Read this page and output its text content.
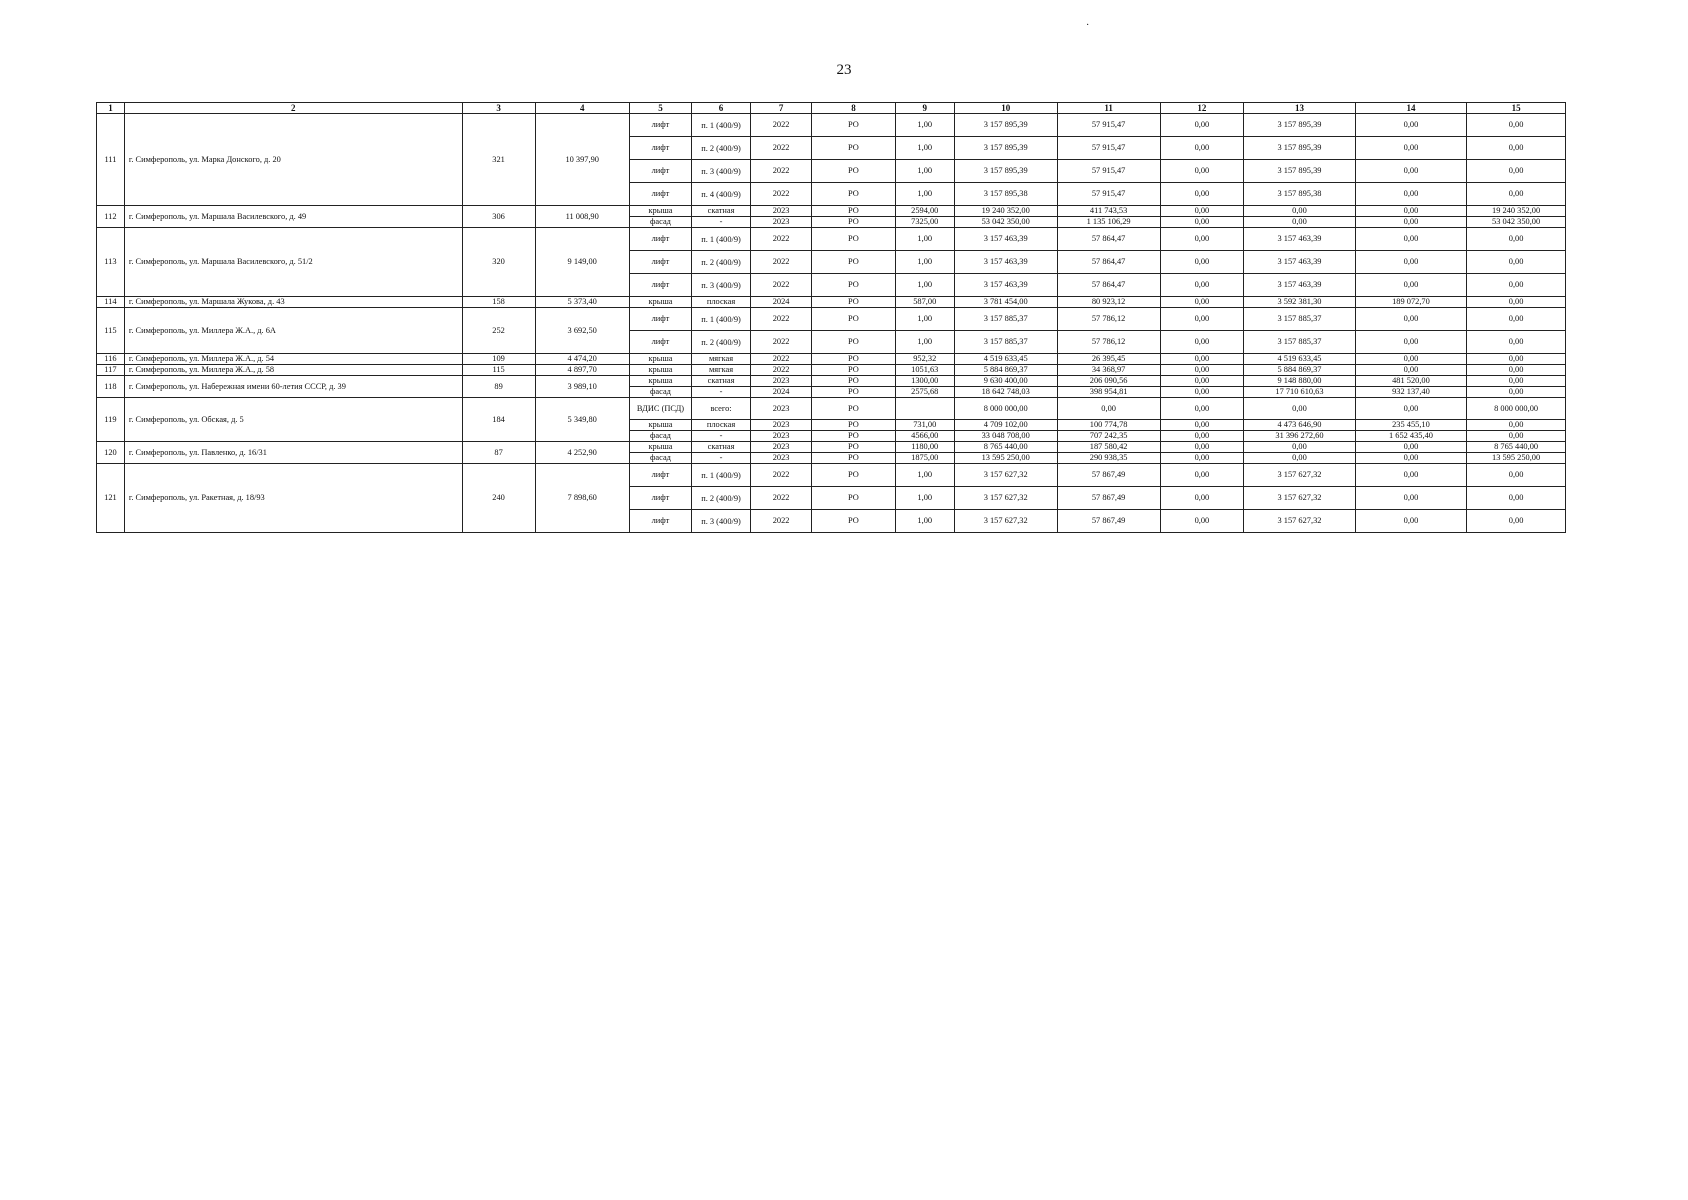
23
·
1	2	3	4	5	6	7	8	9	10	11	12	13	14	15
111	г. Симферополь, ул. Марка Донского, д. 20	321	10 397,90	лифт	п. 1 (400/9)	2022	РО	1,00	3 157 895,39	57 915,47	0,00	3 157 895,39	0,00	0,00
				лифт	п. 2 (400/9)	2022	РО	1,00	3 157 895,39	57 915,47	0,00	3 157 895,39	0,00	0,00
				лифт	п. 3 (400/9)	2022	РО	1,00	3 157 895,39	57 915,47	0,00	3 157 895,39	0,00	0,00
				лифт	п. 4 (400/9)	2022	РО	1,00	3 157 895,38	57 915,47	0,00	3 157 895,38	0,00	0,00
112	г. Симферополь, ул. Маршала Василевского, д. 49	306	11 008,90	крыша	скатная	2023	РО	2594,00	19 240 352,00	411 743,53	0,00	0,00	0,00	19 240 352,00
				фасад	-	2023	РО	7325,00	53 042 350,00	1 135 106,29	0,00	0,00	0,00	53 042 350,00
113	г. Симферополь, ул. Маршала Василевского, д. 51/2	320	9 149,00	лифт	п. 1 (400/9)	2022	РО	1,00	3 157 463,39	57 864,47	0,00	3 157 463,39	0,00	0,00
				лифт	п. 2 (400/9)	2022	РО	1,00	3 157 463,39	57 864,47	0,00	3 157 463,39	0,00	0,00
				лифт	п. 3 (400/9)	2022	РО	1,00	3 157 463,39	57 864,47	0,00	3 157 463,39	0,00	0,00
114	г. Симферополь, ул. Маршала Жукова, д. 43	158	5 373,40	крыша	плоская	2024	РО	587,00	3 781 454,00	80 923,12	0,00	3 592 381,30	189 072,70	0,00
115	г. Симферополь, ул. Миллера Ж.А., д. 6А	252	3 692,50	лифт	п. 1 (400/9)	2022	РО	1,00	3 157 885,37	57 786,12	0,00	3 157 885,37	0,00	0,00
				лифт	п. 2 (400/9)	2022	РО	1,00	3 157 885,37	57 786,12	0,00	3 157 885,37	0,00	0,00
116	г. Симферополь, ул. Миллера Ж.А., д. 54	109	4 474,20	крыша	мягкая	2022	РО	952,32	4 519 633,45	26 395,45	0,00	4 519 633,45	0,00	0,00
117	г. Симферополь, ул. Миллера Ж.А., д. 58	115	4 897,70	крыша	мягкая	2022	РО	1051,63	5 884 869,37	34 368,97	0,00	5 884 869,37	0,00	0,00
118	г. Симферополь, ул. Набережная имени 60-летия СССР, д. 39	89	3 989,10	крыша	скатная	2023	РО	1300,00	9 630 400,00	206 090,56	0,00	9 148 880,00	481 520,00	0,00
				фасад	-	2024	РО	2575,68	18 642 748,03	398 954,81	0,00	17 710 610,63	932 137,40	0,00
119	г. Симферополь, ул. Обская, д. 5	184	5 349,80	ВДИС (ПСД)	всего:	2023	РО		8 000 000,00	0,00	0,00	0,00	0,00	8 000 000,00
				крыша	плоская	2023	РО	731,00	4 709 102,00	100 774,78	0,00	4 473 646,90	235 455,10	0,00
				фасад	-	2023	РО	4566,00	33 048 708,00	707 242,35	0,00	31 396 272,60	1 652 435,40	0,00
120	г. Симферополь, ул. Павленко, д. 16/31	87	4 252,90	крыша	скатная	2023	РО	1180,00	8 765 440,00	187 580,42	0,00	0,00	0,00	8 765 440,00
				фасад	-	2023	РО	1875,00	13 595 250,00	290 938,35	0,00	0,00	0,00	13 595 250,00
121	г. Симферополь, ул. Ракетная, д. 18/93	240	7 898,60	лифт	п. 1 (400/9)	2022	РО	1,00	3 157 627,32	57 867,49	0,00	3 157 627,32	0,00	0,00
				лифт	п. 2 (400/9)	2022	РО	1,00	3 157 627,32	57 867,49	0,00	3 157 627,32	0,00	0,00
				лифт	п. 3 (400/9)	2022	РО	1,00	3 157 627,32	57 867,49	0,00	3 157 627,32	0,00	0,00
